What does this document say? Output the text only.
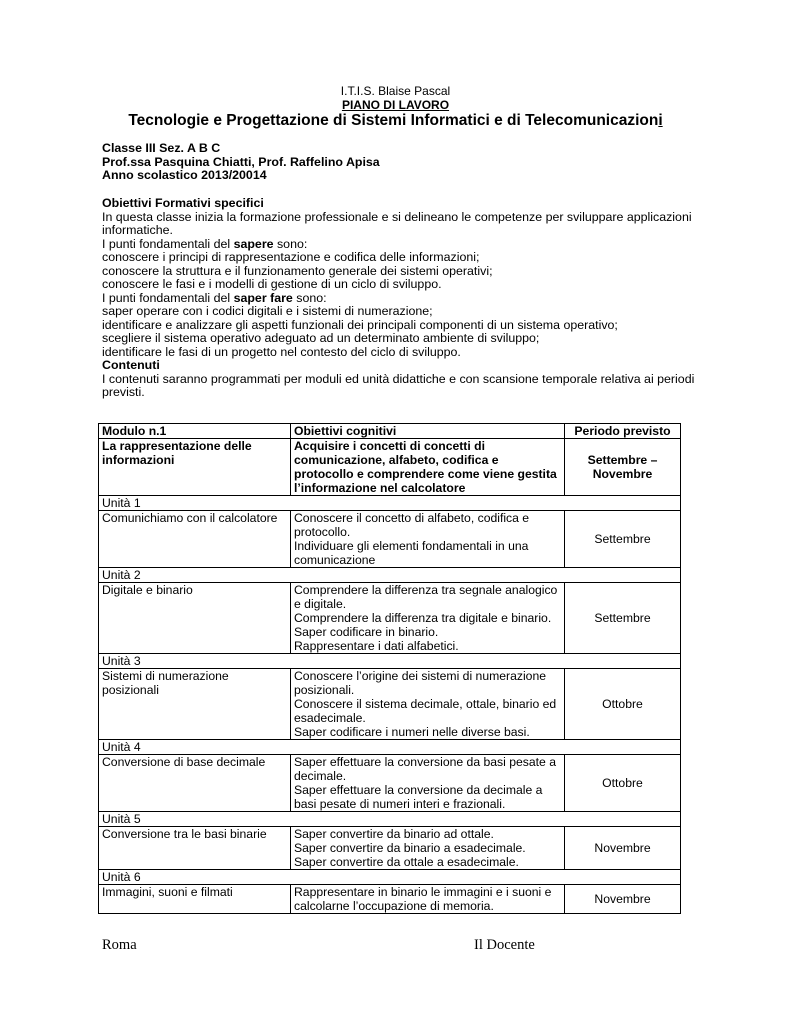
I.T.I.S. Blaise Pascal
PIANO DI LAVORO
Tecnologie e Progettazione di Sistemi Informatici e di Telecomunicazioni
Classe III Sez. A B C
Prof.ssa Pasquina Chiatti, Prof. Raffelino Apisa
Anno scolastico 2013/20014
Obiettivi Formativi specifici
In questa classe inizia la formazione professionale e si delineano le competenze per sviluppare applicazioni informatiche.
I punti fondamentali del sapere sono:
conoscere i principi di rappresentazione e codifica delle informazioni;
conoscere la struttura e il funzionamento generale dei sistemi operativi;
conoscere le fasi e i modelli di gestione di un ciclo di sviluppo.
I punti fondamentali del saper fare sono:
saper operare con i codici digitali e i sistemi di numerazione;
identificare e analizzare gli aspetti funzionali dei principali componenti di un sistema operativo;
scegliere il sistema operativo adeguato ad un determinato ambiente di sviluppo;
identificare le fasi di un progetto nel contesto del ciclo di sviluppo.
Contenuti
I contenuti saranno programmati per moduli ed unità didattiche e con scansione temporale relativa ai periodi previsti.
Modulo n.1	Obiettivi cognitivi	Periodo previsto
La rappresentazione delle informazioni	Acquisire i concetti di concetti di comunicazione, alfabeto, codifica e protocollo e comprendere come viene gestita l’informazione nel calcolatore	Settembre – Novembre
Unità 1		
Comunichiamo con il calcolatore	Conoscere il concetto di alfabeto, codifica e protocollo.
Individuare gli elementi fondamentali in una comunicazione	Settembre
Unità 2		
Digitale e binario	Comprendere la differenza tra segnale analogico e digitale.
Comprendere la differenza tra digitale e binario.
Saper codificare in binario.
Rappresentare i dati alfabetici.	Settembre
Unità 3		
Sistemi di numerazione posizionali	Conoscere l’origine dei sistemi di numerazione posizionali.
Conoscere il sistema decimale, ottale, binario ed esadecimale.
Saper codificare i numeri nelle diverse basi.	Ottobre
Unità 4		
Conversione di base decimale	Saper effettuare la conversione da basi pesate a decimale.
Saper effettuare la conversione da decimale a basi pesate di numeri interi e frazionali.	Ottobre
Unità 5		
Conversione tra le basi binarie	Saper convertire da binario ad ottale.
Saper convertire da binario a esadecimale.
Saper convertire da ottale a esadecimale.	Novembre
Unità 6		
Immagini, suoni e filmati	Rappresentare in binario le immagini e i suoni e calcolarne l’occupazione di memoria.	Novembre
Roma	Il Docente
